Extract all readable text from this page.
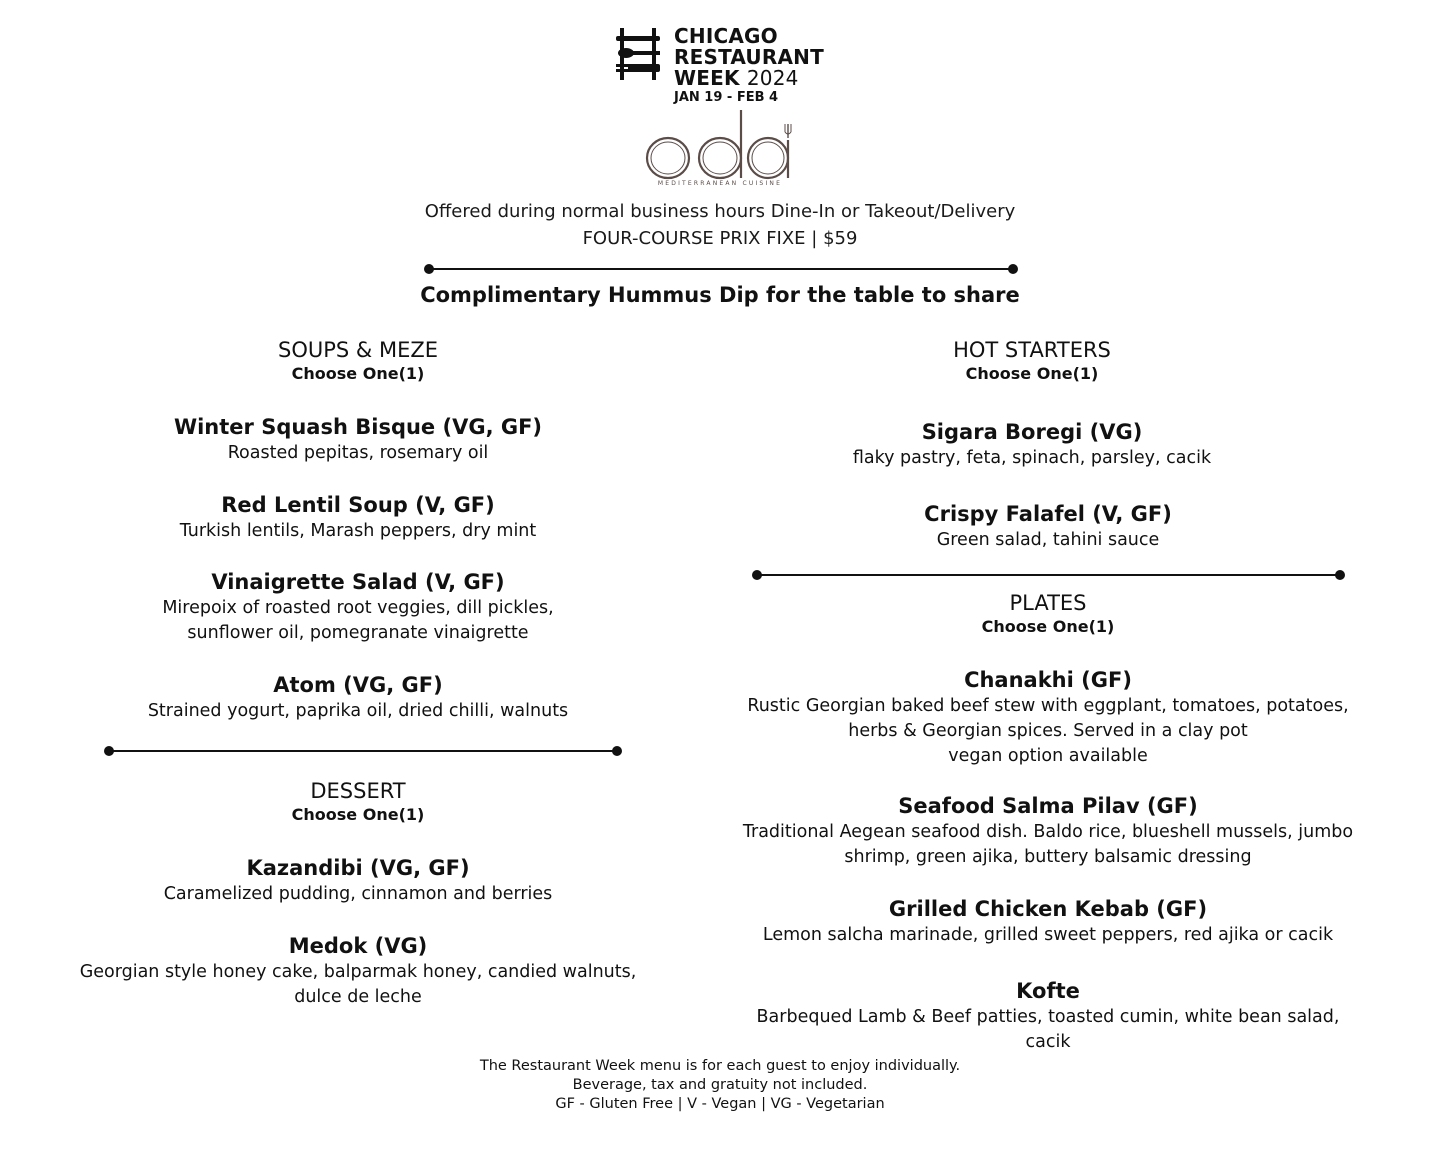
CHICAGO
RESTAURANT
WEEK 2024
JAN 19 - FEB 4
MEDITERRANEAN CUISINE
Offered during normal business hours Dine-In or Takeout/Delivery
FOUR-COURSE PRIX FIXE | $59
Complimentary Hummus Dip for the table to share
SOUPS & MEZE
Choose One(1)
Winter Squash Bisque (VG, GF)
Roasted pepitas, rosemary oil
Red Lentil Soup (V, GF)
Turkish lentils, Marash peppers, dry mint
Vinaigrette Salad (V, GF)
Mirepoix of roasted root veggies, dill pickles,
sunflower oil, pomegranate vinaigrette
Atom (VG, GF)
Strained yogurt, paprika oil, dried chilli, walnuts
DESSERT
Choose One(1)
Kazandibi (VG, GF)
Caramelized pudding, cinnamon and berries
Medok (VG)
Georgian style honey cake, balparmak honey, candied walnuts,
dulce de leche
HOT STARTERS
Choose One(1)
Sigara Boregi (VG)
flaky pastry, feta, spinach, parsley, cacik
Crispy Falafel (V, GF)
Green salad, tahini sauce
PLATES
Choose One(1)
Chanakhi (GF)
Rustic Georgian baked beef stew with eggplant, tomatoes, potatoes,
herbs & Georgian spices. Served in a clay pot
vegan option available
Seafood Salma Pilav (GF)
Traditional Aegean seafood dish. Baldo rice, blueshell mussels, jumbo
shrimp, green ajika, buttery balsamic dressing
Grilled Chicken Kebab (GF)
Lemon salcha marinade, grilled sweet peppers, red ajika or cacik
Kofte
Barbequed Lamb & Beef patties, toasted cumin, white bean salad,
cacik
The Restaurant Week menu is for each guest to enjoy individually.
Beverage, tax and gratuity not included.
GF - Gluten Free | V - Vegan | VG - Vegetarian
